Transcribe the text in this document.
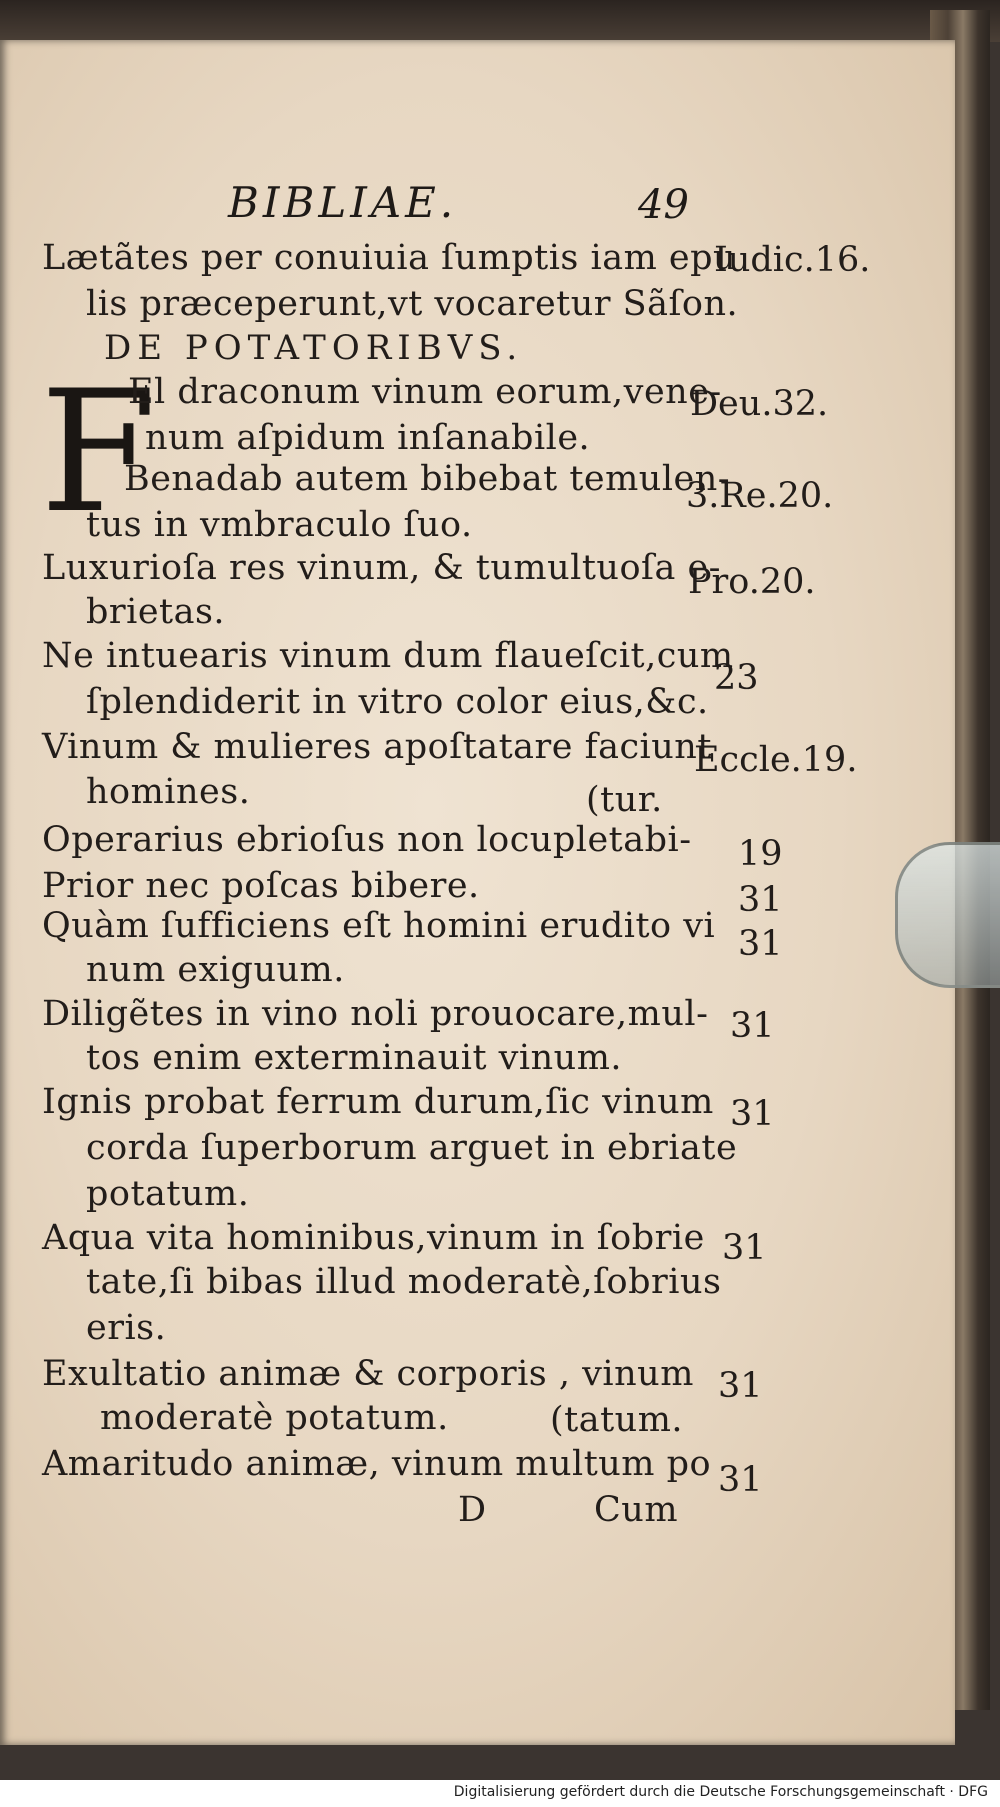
BIBLIAE.	49
Lætãtes per conuiuia ſumptis iam epu
lis præceperunt,vt vocaretur Sãſon.
DE POTATORIBVS.
F
El draconum vinum eorum,vene-
num aſpidum inſanabile.
Benadab autem bibebat temulen-
tus in vmbraculo ſuo.
Luxurioſa res vinum, & tumultuoſa e-
brietas.
Ne intuearis vinum dum flaueſcit,cum
ſplendiderit in vitro color eius,&c.
Vinum & mulieres apoſtatare faciunt
homines.	(tur.
Operarius ebrioſus non locupletabi-
Prior nec poſcas bibere.
Quàm ſufficiens eſt homini erudito vi
num exiguum.
Diligẽtes in vino noli prouocare,mul-
tos enim exterminauit vinum.
Ignis probat ferrum durum,ſic vinum
corda ſuperborum arguet in ebriate
potatum.
Aqua vita hominibus,vinum in ſobrie
tate,ſi bibas illud moderatè,ſobrius
eris.
Exultatio animæ & corporis , vinum
moderatè potatum.	(tatum.
Amaritudo animæ, vinum multum po
D	Cum
Iudic.16.
Deu.32.
3.Re.20.
Pro.20.
23
Eccle.19.
19
31
31
31
31
31
31
31
Digitalisierung gefördert durch die Deutsche Forschungsgemeinschaft · DFG
